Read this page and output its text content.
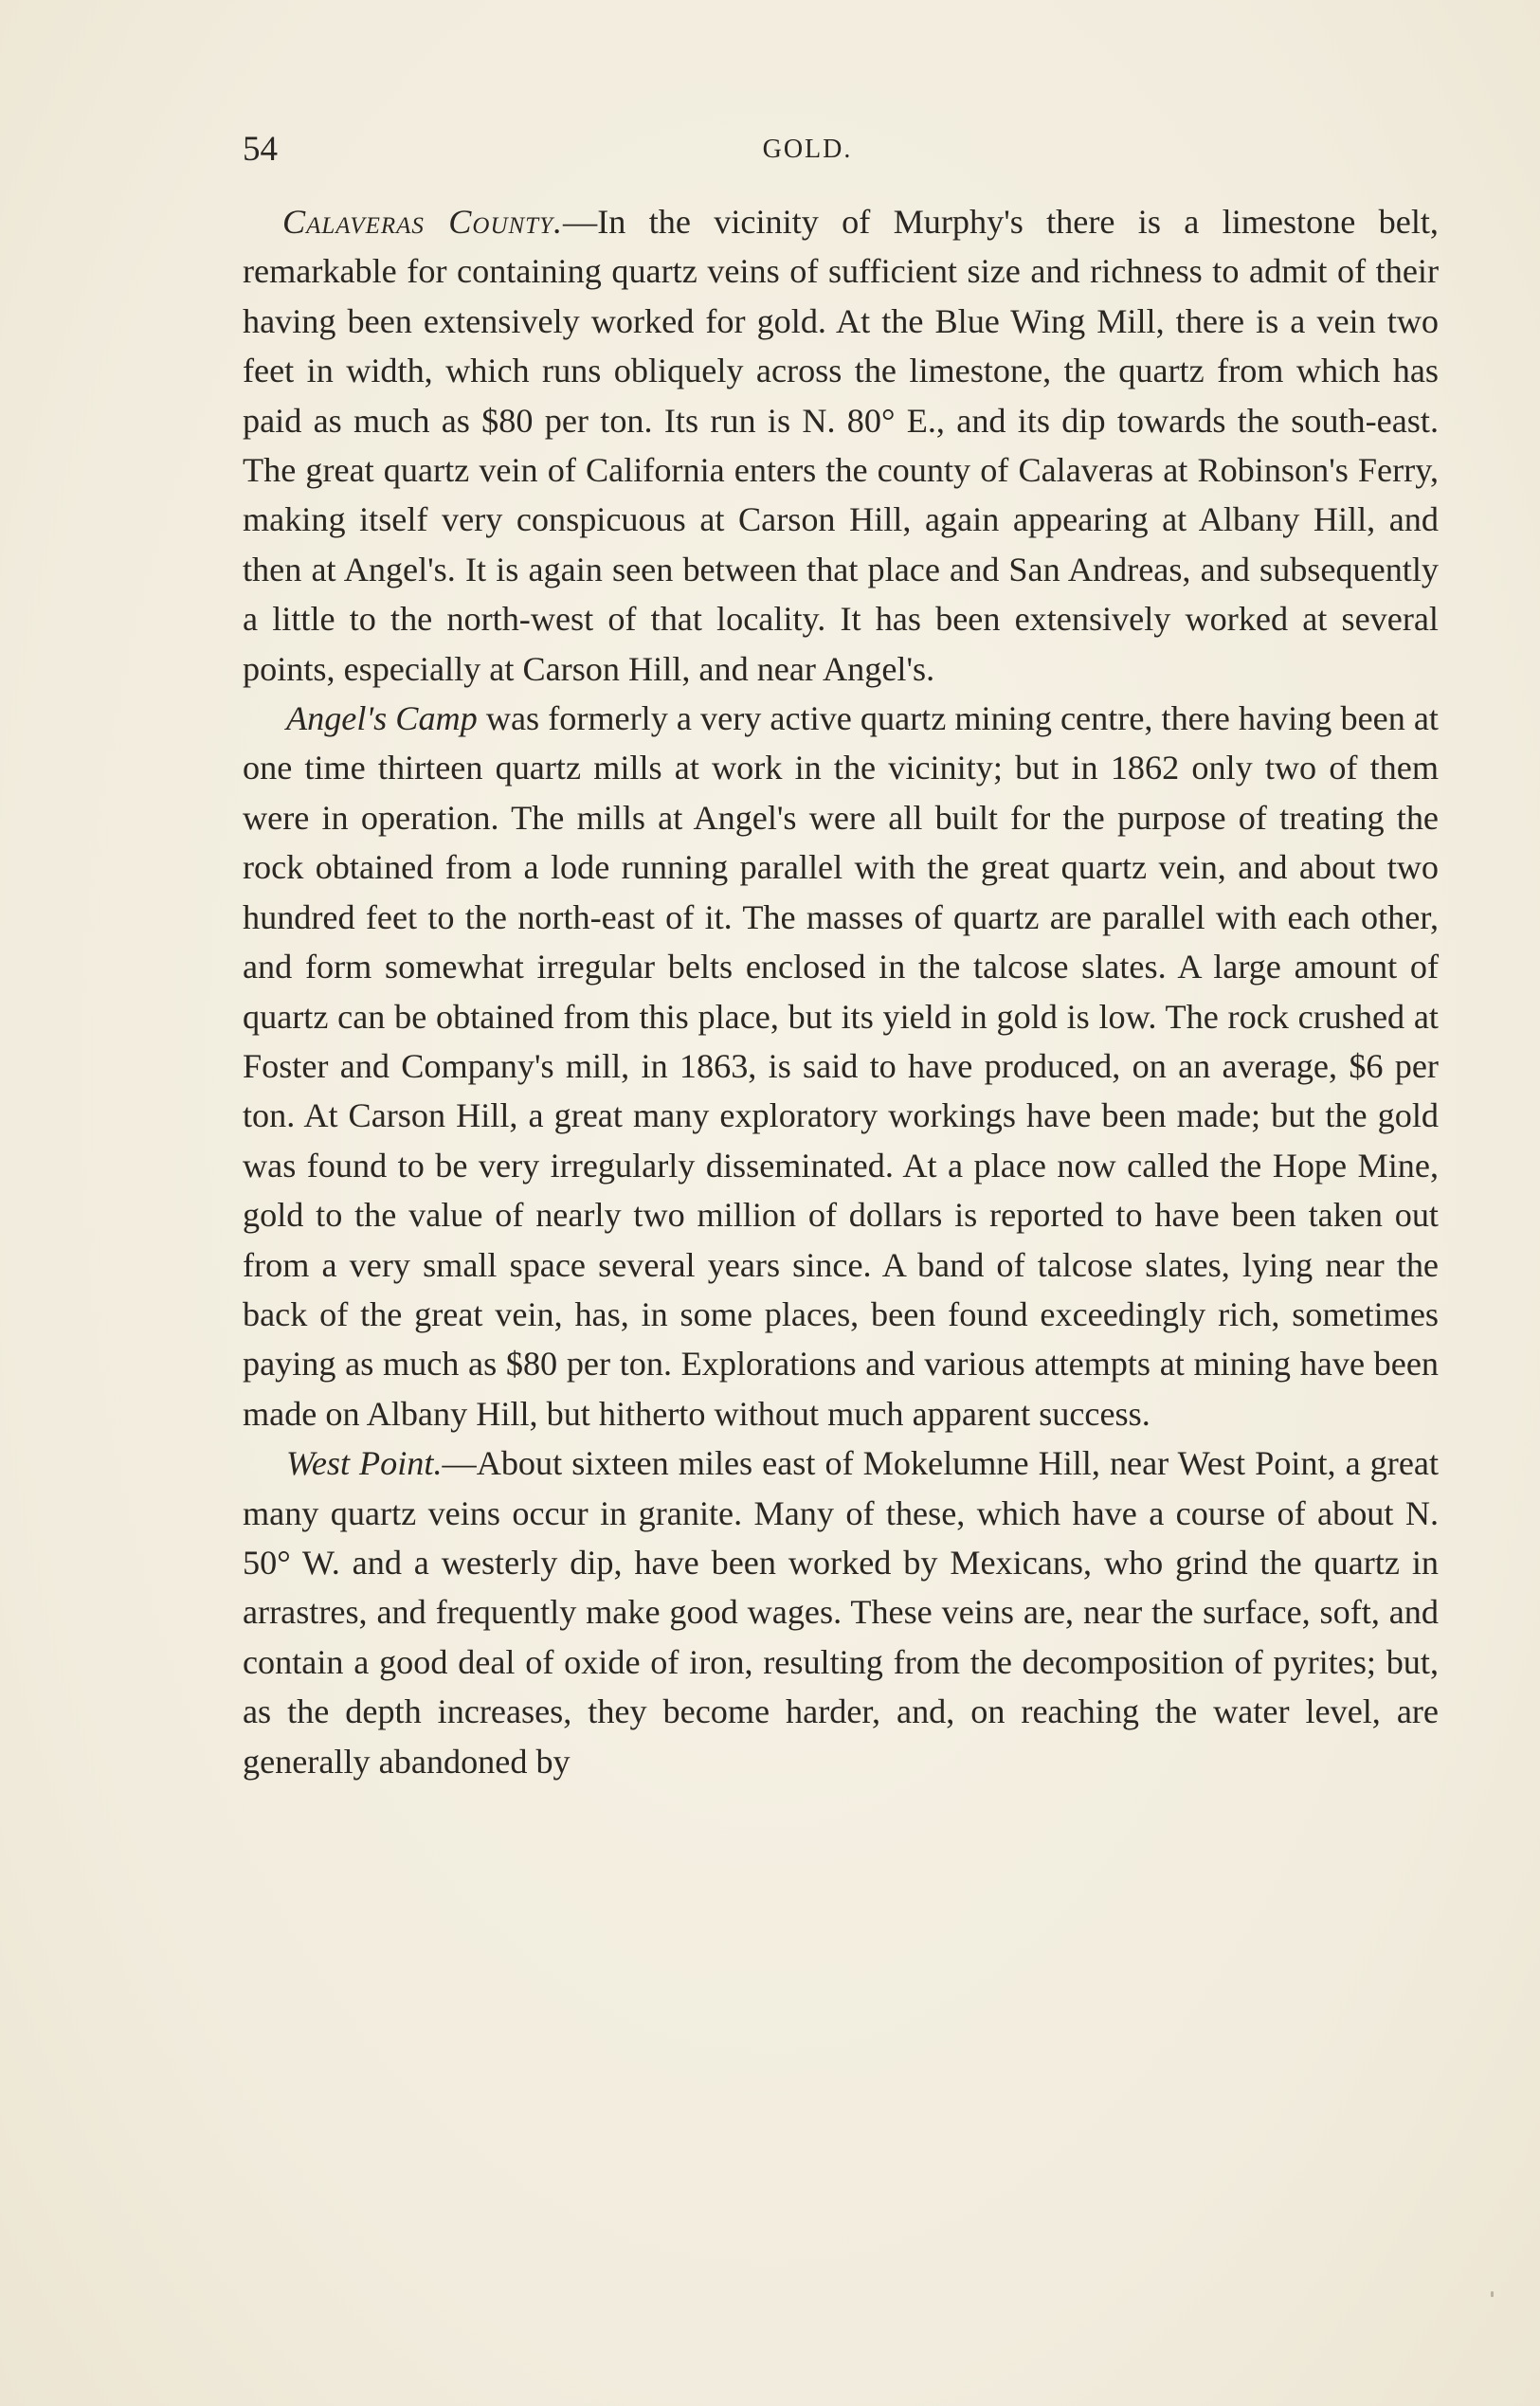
54	GOLD.

Calaveras County.—In the vicinity of Murphy's there is a limestone belt, remarkable for containing quartz veins of sufficient size and richness to admit of their having been extensively worked for gold. At the Blue Wing Mill, there is a vein two feet in width, which runs obliquely across the limestone, the quartz from which has paid as much as $80 per ton. Its run is N. 80° E., and its dip towards the south-east. The great quartz vein of California enters the county of Calaveras at Robinson's Ferry, making itself very conspicuous at Carson Hill, again appearing at Albany Hill, and then at Angel's. It is again seen between that place and San Andreas, and subsequently a little to the north-west of that locality. It has been extensively worked at several points, especially at Carson Hill, and near Angel's.

Angel's Camp was formerly a very active quartz mining centre, there having been at one time thirteen quartz mills at work in the vicinity; but in 1862 only two of them were in operation. The mills at Angel's were all built for the purpose of treating the rock obtained from a lode running parallel with the great quartz vein, and about two hundred feet to the north-east of it. The masses of quartz are parallel with each other, and form somewhat irregular belts enclosed in the talcose slates. A large amount of quartz can be obtained from this place, but its yield in gold is low. The rock crushed at Foster and Company's mill, in 1863, is said to have produced, on an average, $6 per ton. At Carson Hill, a great many exploratory workings have been made; but the gold was found to be very irregularly disseminated. At a place now called the Hope Mine, gold to the value of nearly two million of dollars is reported to have been taken out from a very small space several years since. A band of talcose slates, lying near the back of the great vein, has, in some places, been found exceedingly rich, sometimes paying as much as $80 per ton. Explorations and various attempts at mining have been made on Albany Hill, but hitherto without much apparent success.

West Point.—About sixteen miles east of Mokelumne Hill, near West Point, a great many quartz veins occur in granite. Many of these, which have a course of about N. 50° W. and a westerly dip, have been worked by Mexicans, who grind the quartz in arrastres, and frequently make good wages. These veins are, near the surface, soft, and contain a good deal of oxide of iron, resulting from the decomposition of pyrites; but, as the depth increases, they become harder, and, on reaching the water level, are generally abandoned by
